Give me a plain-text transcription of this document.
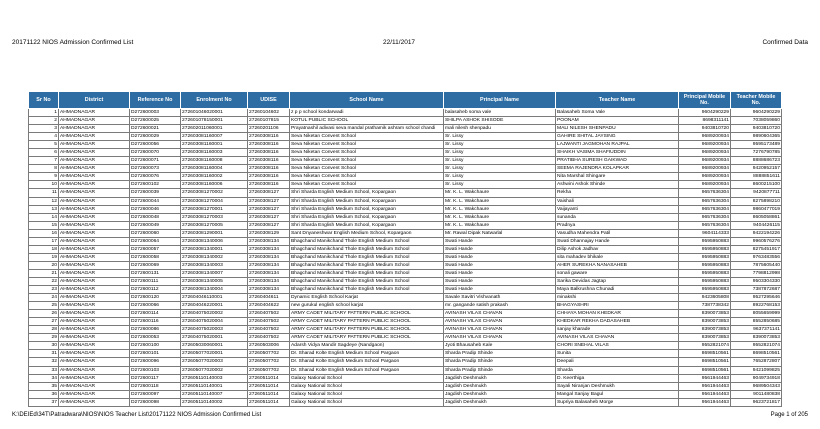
20171122 NIOS Admission Confirmed List	22/11/2017	Confirmed Data
Sr No	District	Reference No	Enrolment No	UDISE	School Name	Principal Name	Teacher Name	Principal Mobile No.	Teacher Mobile No.
1	AHMADNAGAR	D272600003	272601046020001	27260104602	z p p school kondarwadi	balasaheb soma vale	Balasaheb Soma Vale	9604290229	9604290229
2	AHMADNAGAR	D272600025	272601078150001	27260107815	KOTUL PUBLIC SCHOOL	SHILPA ASHOK SHISODE	POONAM	8698311141	7038059860
3	AHMADNAGAR	D272600021	272602011060001	27260201106	Prayatnashil adivasi seva mandal prathamik ashram school chandi	mali nilesh shenpadu	MALI NILESH SHENPADU	9403810720	9403810720
4	AHMADNAGAR	D272600029	272603081160007	27260308116	Seva Niketan Convent School	Sr. Lissy	GAHIRE SHITAL JAYSING	9689200934	9890604365
5	AHMADNAGAR	D272600056	272603081160001	27260308116	Seva Niketan Convent School	Sr. Lissy	LAJWANTI JAGMOHAN RAJPAL	9689200934	9595173489
6	AHMADNAGAR	D272600070	272603081160003	27260308116	Seva Niketan Convent School	Sr. Lissy	SHAIKH VASIMA SHAFIUDDIN	9689200934	7276790785
7	AHMADNAGAR	D272600071	272603081160008	27260308116	Seva Niketan Convent School	Sr. Lissy	PRATIBHA SURESH GAIKWAD	9689200934	8888686723
8	AHMADNAGAR	D272600073	272603081160004	27260308116	Seva Niketan Convent School	Sr. Lissy	SEEMA RAJENDRA KOLAPKAR	9689200934	9420952157
9	AHMADNAGAR	D272600076	272603081160002	27260308116	Seva Niketan Convent School	Sr. Lissy	Nita Marshal Shingare	9689200934	8888851611
10	AHMADNAGAR	D272600102	272603081160006	27260308116	Seva Niketan Convent School	Sr. Lissy	Ashwini Ashok Shinde	9689200934	8600215100
11	AHMADNAGAR	D272600039	272603081270002	27260308127	Shri Sharda English Medium School, Kopargaon	Mr. K. L. Wakchaure	Rekha	9657636304	9420877711
12	AHMADNAGAR	D272600044	272603081270004	27260308127	Shri Sharda English Medium School, Kopargaon	Mr. K. L. Wakchaure	Vaishali	9657636304	8275898210
13	AHMADNAGAR	D272600046	272603081270001	27260308127	Shri Sharda English Medium School, Kopargaon	Mr. K. L. Wakchaure	Vaijayanti	9657636304	9860477019
14	AHMADNAGAR	D272600048	272603081270003	27260308127	Shri Sharda English Medium School, Kopargaon	Mr. K. L. Wakchaure	sunanda	9657636304	8605058861
15	AHMADNAGAR	D272600049	272603081270005	27260308127	Shri Sharda English Medium School, Kopargaon	Mr. K. L. Wakchaure	Pradnya	9657636304	9404426115
16	AHMADNAGAR	D272600060	272603081290001	27260308129	Sant Dnyaneshwar English Medium School, Kopargaon	Mr. Rawal Dipak Natwarlal	Vasudha Mahendra Patil	9604114333	9422194226
17	AHMADNAGAR	D272600064	272603081340006	27260308134	Bhagchand Manikchand Thole English Medium School	Swati Hande	Swati Dhannajay Hande	9595950883	9960576276
18	AHMADNAGAR	D272600057	272603081340001	27260308134	Bhagchand Manikchand Thole English Medium School	Swati Hande	Dilip Ashok Jadhav	9595950883	8275451917
19	AHMADNAGAR	D272600058	272603081340002	27260308134	Bhagchand Manikchand Thole English Medium School	Swati Hande	sita mahadev bhikale	9595950883	9763483556
20	AHMADNAGAR	D272600069	272603081340003	27260308134	Bhagchand Manikchand Thole English Medium School	Swati Hande	AHER SUREKHA NANASAHEB	9595950883	7875605440
21	AHMADNAGAR	D272600131	272603081340007	27260308134	Bhagchand Manikchand Thole English Medium School	Swati Hande	sonali gaware	9595950883	7798812998
22	AHMADNAGAR	D272600111	272603081340005	27260308134	Bhagchand Manikchand Thole English Medium School	Swati Hande	Sarika Devidas Jagtap	9595950883	9503304330
23	AHMADNAGAR	D272600112	272603081340004	27260308134	Bhagchand Manikchand Thole English Medium School	Swati Hande	Maya Balkrushna Chunadi	9595950883	7387872687
24	AHMADNAGAR	D272600120	272604046110001	27260404611	Dynamic English School Karjat	Savale Savitri Vishvanath	minakshi	9423605808	9527295646
25	AHMADNAGAR	D272600066	272604046220001	27260404622	new gurukul english school karjat	mr. gangande satish prakash	BHAGYASHRI	7387738342	8922768153
26	AHMADNAGAR	D272600114	272604075020002	27260407502	ARMY CADET MILITARY PATTERN PUBLIC SCHOOL	AVINASH VILAS CHAVAN	CHHAYA MOHAN KHEDKAR	8390073853	8055659999
27	AHMADNAGAR	D272600116	272604075020004	27260407502	ARMY CADET MILITARY PATTERN PUBLIC SCHOOL	AVINASH VILAS CHAVAN	KHEDKAR REKHA DADASAHEB	8390073853	8552850685
28	AHMADNAGAR	D272600086	272604075020003	27260407502	ARMY CADET MILITARY PATTERN PUBLIC SCHOOL	AVINASH VILAS CHAVAN	sanjay kharade	8390073853	9637371141
29	AHMADNAGAR	D272600053	272604075020001	27260407502	ARMY CADET MILITARY PATTERN PUBLIC SCHOOL	AVINASH VILAS CHAVAN	AVINASH VILAS CHAVAN	8390073853	8390073853
30	AHMADNAGAR	D272600100	272605030060001	27260503006	Adarsh Vidya Mandir Sagdeye (Nandgaon)	Jyoti Bhausaheb Kale	CHORI SNEHAL VILAS	9552821074	9552821074
31	AHMADNAGAR	D272600101	272605077020001	27260507702	Dr. Sharad Kolte English Medium School Pargaon	Sharda Pradip Shinde	Sunita	8698510561	8698510561
32	AHMADNAGAR	D272600096	272605077020003	27260507702	Dr. Sharad Kolte English Medium School Pargaon	Sharda Pradip Shinde	Deepali	8698510561	7652872807
33	AHMADNAGAR	D272600103	272605077020002	27260507702	Dr. Sharad Kolte English Medium School Pargaon	Sharda Pradip Shinde	Shardа	8698510561	9421099825
34	AHMADNAGAR	D272600117	272605110140003	27260511014	Galaxy National School	Jagdish Deshmukh	D. Keerthiga	9561944463	9049734918
35	AHMADNAGAR	D272600118	272605110140001	27260511014	Galaxy National School	Jagdish Deshmukh	Sayali Niranjan Deshmukh	9561944463	9689504343
36	AHMADNAGAR	D272600097	272605110140007	27260511014	Galaxy National School	Jagdish Deshmukh	Mangal Sanjay Bagul	9561944463	9011480838
37	AHMADNAGAR	D272600098	272605110140002	27260511014	Galaxy National School	Jagdish Deshmukh	Supriya Balasaheb Morge	9561944463	9623721817
K:\DEIEd\34T\Patradwara\NIOS\NIOS Teacher List\20171122 NIOS Admission Confirmed List	Page 1 of 205
